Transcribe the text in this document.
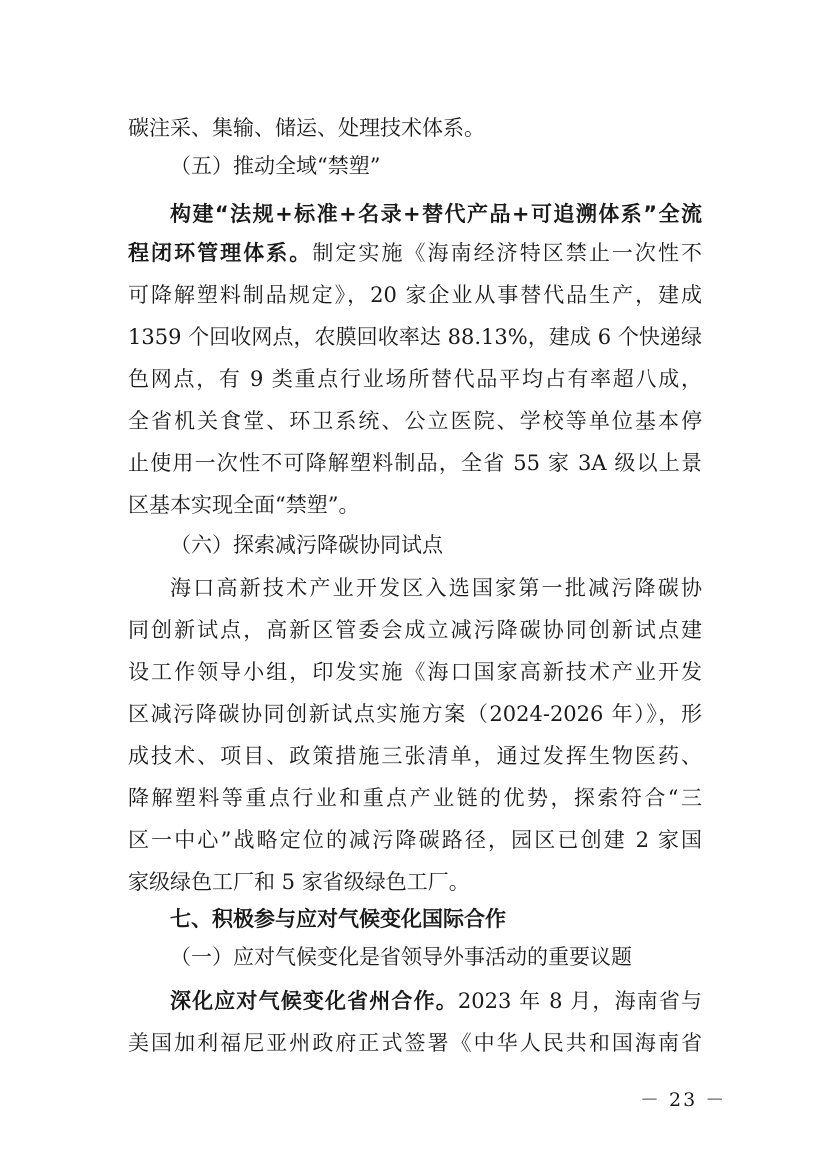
碳注采、集输、储运、处理技术体系。
（五）推动全域“禁塑”
构建“法规+标准+名录+替代产品+可追溯体系”全流
程闭环管理体系。制定实施《海南经济特区禁止一次性不
可降解塑料制品规定》，20 家企业从事替代品生产，建成
1359 个回收网点，农膜回收率达 88.13%，建成 6 个快递绿
色网点，有 9 类重点行业场所替代品平均占有率超八成，
全省机关食堂、环卫系统、公立医院、学校等单位基本停
止使用一次性不可降解塑料制品，全省 55 家 3A 级以上景
区基本实现全面“禁塑”。
（六）探索减污降碳协同试点
海口高新技术产业开发区入选国家第一批减污降碳协
同创新试点，高新区管委会成立减污降碳协同创新试点建
设工作领导小组，印发实施《海口国家高新技术产业开发
区减污降碳协同创新试点实施方案（2024-2026 年）》，形
成技术、项目、政策措施三张清单，通过发挥生物医药、
降解塑料等重点行业和重点产业链的优势，探索符合“三
区一中心”战略定位的减污降碳路径，园区已创建 2 家国
家级绿色工厂和 5 家省级绿色工厂。
七、积极参与应对气候变化国际合作
（一）应对气候变化是省领导外事活动的重要议题
深化应对气候变化省州合作。2023 年 8 月，海南省与
美国加利福尼亚州政府正式签署《中华人民共和国海南省
－ 23 －
